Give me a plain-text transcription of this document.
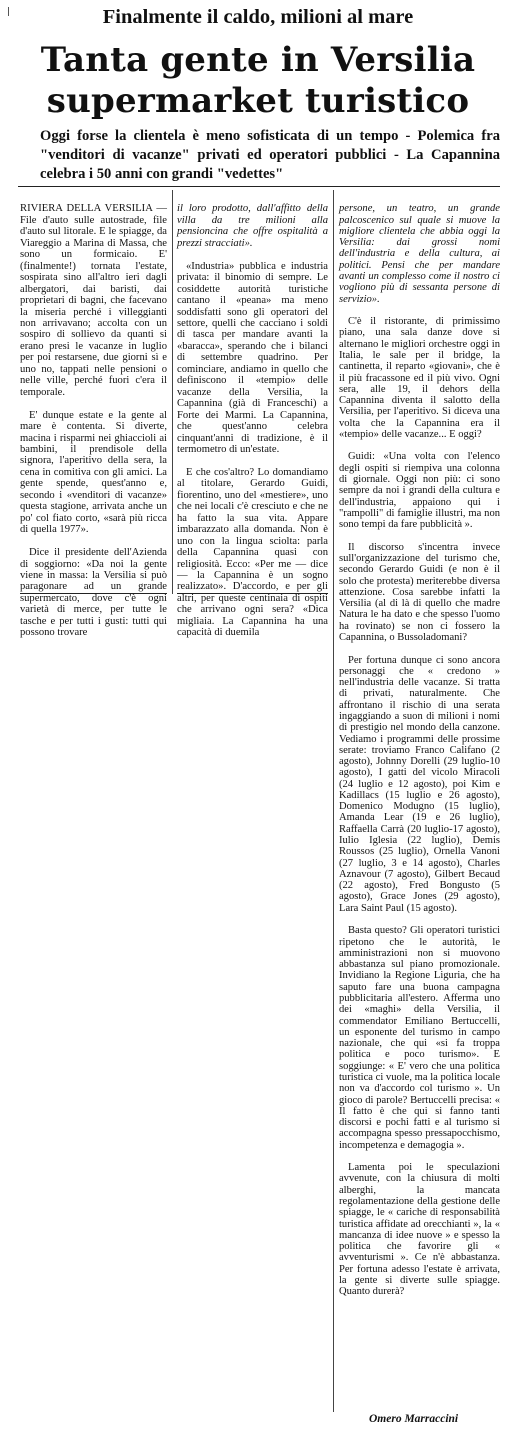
Finalmente il caldo, milioni al mare
Tanta gente in Versilia
supermarket turistico
Oggi forse la clientela è meno sofisticata di un tempo - Polemica fra "venditori di vacanze" privati ed operatori pubblici - La Capannina celebra i 50 anni con grandi "vedettes"

RIVIERA DELLA VERSILIA — File d'auto sulle autostrade, file d'auto sul litorale. E le spiagge, da Viareggio a Marina di Massa, che sono un formicaio. E' (finalmente!) tornata l'estate, sospirata sino all'altro ieri dagli albergatori, dai baristi, dai proprietari di bagni, che facevano la miseria perché i villeggianti non arrivavano; accolta con un sospiro di sollievo da quanti si erano presi le vacanze in luglio per poi restarsene, due giorni sì e uno no, tappati nelle pensioni o nelle ville, perché fuori c'era il temporale.

E' dunque estate e la gente al mare è contenta. Si diverte, macina i risparmi nei ghiaccioli ai bambini, il prendisole della signora, l'aperitivo della sera, la cena in comitiva con gli amici. La gente spende, quest'anno e, secondo i «venditori di vacanze» questa stagione, arrivata anche un po' col fiato corto, «sarà più ricca di quella 1977».

Dice il presidente dell'Azienda di soggiorno: «Da noi la gente viene in massa: la Versilia si può paragonare ad un grande supermercato, dove c'è ogni varietà di merce, per tutte le tasche e per tutti i gusti: tutti qui possono trovare

il loro prodotto, dall'affitto della villa da tre milioni alla pensioncina che offre ospitalità a prezzi stracciati».

«Industria» pubblica e industria privata: il binomio di sempre. Le cosiddette autorità turistiche cantano il «peana» ma meno soddisfatti sono gli operatori del settore, quelli che cacciano i soldi di tasca per mandare avanti la «baracca», sperando che i bilanci di settembre quadrino. Per cominciare, andiamo in quello che definiscono il «tempio» delle vacanze della Versilia, la Capannina (già di Franceschi) a Forte dei Marmi. La Capannina, che quest'anno celebra cinquant'anni di tradizione, è il termometro di un'estate.

E che cos'altro? Lo domandiamo al titolare, Gerardo Guidi, fiorentino, uno del «mestiere», uno che nei locali c'è cresciuto e che ne ha fatto la sua vita. Appare imbarazzato alla domanda. Non è uno con la lingua sciolta: parla della Capannina quasi con religiosità. Ecco: «Per me — dice — la Capannina è un sogno realizzato». D'accordo, e per gli altri, per queste centinaia di ospiti che arrivano ogni sera? «Dica migliaia. La Capannina ha una capacità di duemila

persone, un teatro, un grande palcoscenico sul quale si muove la migliore clientela che abbia oggi la Versilia: dai grossi nomi dell'industria e della cultura, ai politici. Pensi che per mandare avanti un complesso come il nostro ci vogliono più di sessanta persone di servizio».

C'è il ristorante, di primissimo piano, una sala danze dove si alternano le migliori orchestre oggi in Italia, le sale per il bridge, la cantinetta, il reparto «giovani», che è il più fracassone ed il più vivo. Ogni sera, alle 19, il dehors della Capannina diventa il salotto della Versilia, per l'aperitivo. Si diceva una volta che la Capannina era il «tempio» delle vacanze... E oggi?

Guidi: «Una volta con l'elenco degli ospiti si riempiva una colonna di giornale. Oggi non più: ci sono sempre da noi i grandi della cultura e dell'industria, appaiono qui i "rampolli" di famiglie illustri, ma non sono tempi da fare pubblicità ».

Il discorso s'incentra invece sull'organizzazione del turismo che, secondo Gerardo Guidi (e non è il solo che protesta) meriterebbe diversa attenzione. Cosa sarebbe infatti la Versilia (al di là di quello che madre Natura le ha dato e che spesso l'uomo ha rovinato) se non ci fossero la Capannina, o Bussoladomani?

Per fortuna dunque ci sono ancora personaggi che « credono » nell'industria delle vacanze. Si tratta di privati, naturalmente. Che affrontano il rischio di una serata ingaggiando a suon di milioni i nomi di prestigio nel mondo della canzone. Vediamo i programmi delle prossime serate: troviamo Franco Califano (2 agosto), Johnny Dorelli (29 luglio-10 agosto), I gatti del vicolo Miracoli (24 luglio e 12 agosto), poi Kim e Kadillacs (15 luglio e 26 agosto), Domenico Modugno (15 luglio), Amanda Lear (19 e 26 luglio), Raffaella Carrà (20 luglio-17 agosto), Iulio Iglesia (22 luglio), Demis Roussos (25 luglio), Ornella Vanoni (27 luglio, 3 e 14 agosto), Charles Aznavour (7 agosto), Gilbert Becaud (22 agosto), Fred Bongusto (5 agosto), Grace Jones (29 agosto), Lara Saint Paul (15 agosto).

Basta questo? Gli operatori turistici ripetono che le autorità, le amministrazioni non si muovono abbastanza sul piano promozionale. Invidiano la Regione Liguria, che ha saputo fare una buona campagna pubblicitaria all'estero. Afferma uno dei «maghi» della Versilia, il commendator Emiliano Bertuccelli, un esponente del turismo in campo nazionale, che qui «si fa troppa politica e poco turismo». E soggiunge: « E' vero che una politica turistica ci vuole, ma la politica locale non va d'accordo col turismo ». Un gioco di parole? Bertuccelli precisa: « Il fatto è che qui si fanno tanti discorsi e pochi fatti e al turismo si accompagna spesso pressapocchismo, incompetenza e demagogia ».

Lamenta poi le speculazioni avvenute, con la chiusura di molti alberghi, la mancata regolamentazione della gestione delle spiagge, le « cariche di responsabilità turistica affidate ad orecchianti », la « mancanza di idee nuove » e spesso la politica che favorire gli « avventurismi ». Ce n'è abbastanza. Per fortuna adesso l'estate è arrivata, la gente si diverte sulle spiagge. Quanto durerà?

Omero Marraccini
